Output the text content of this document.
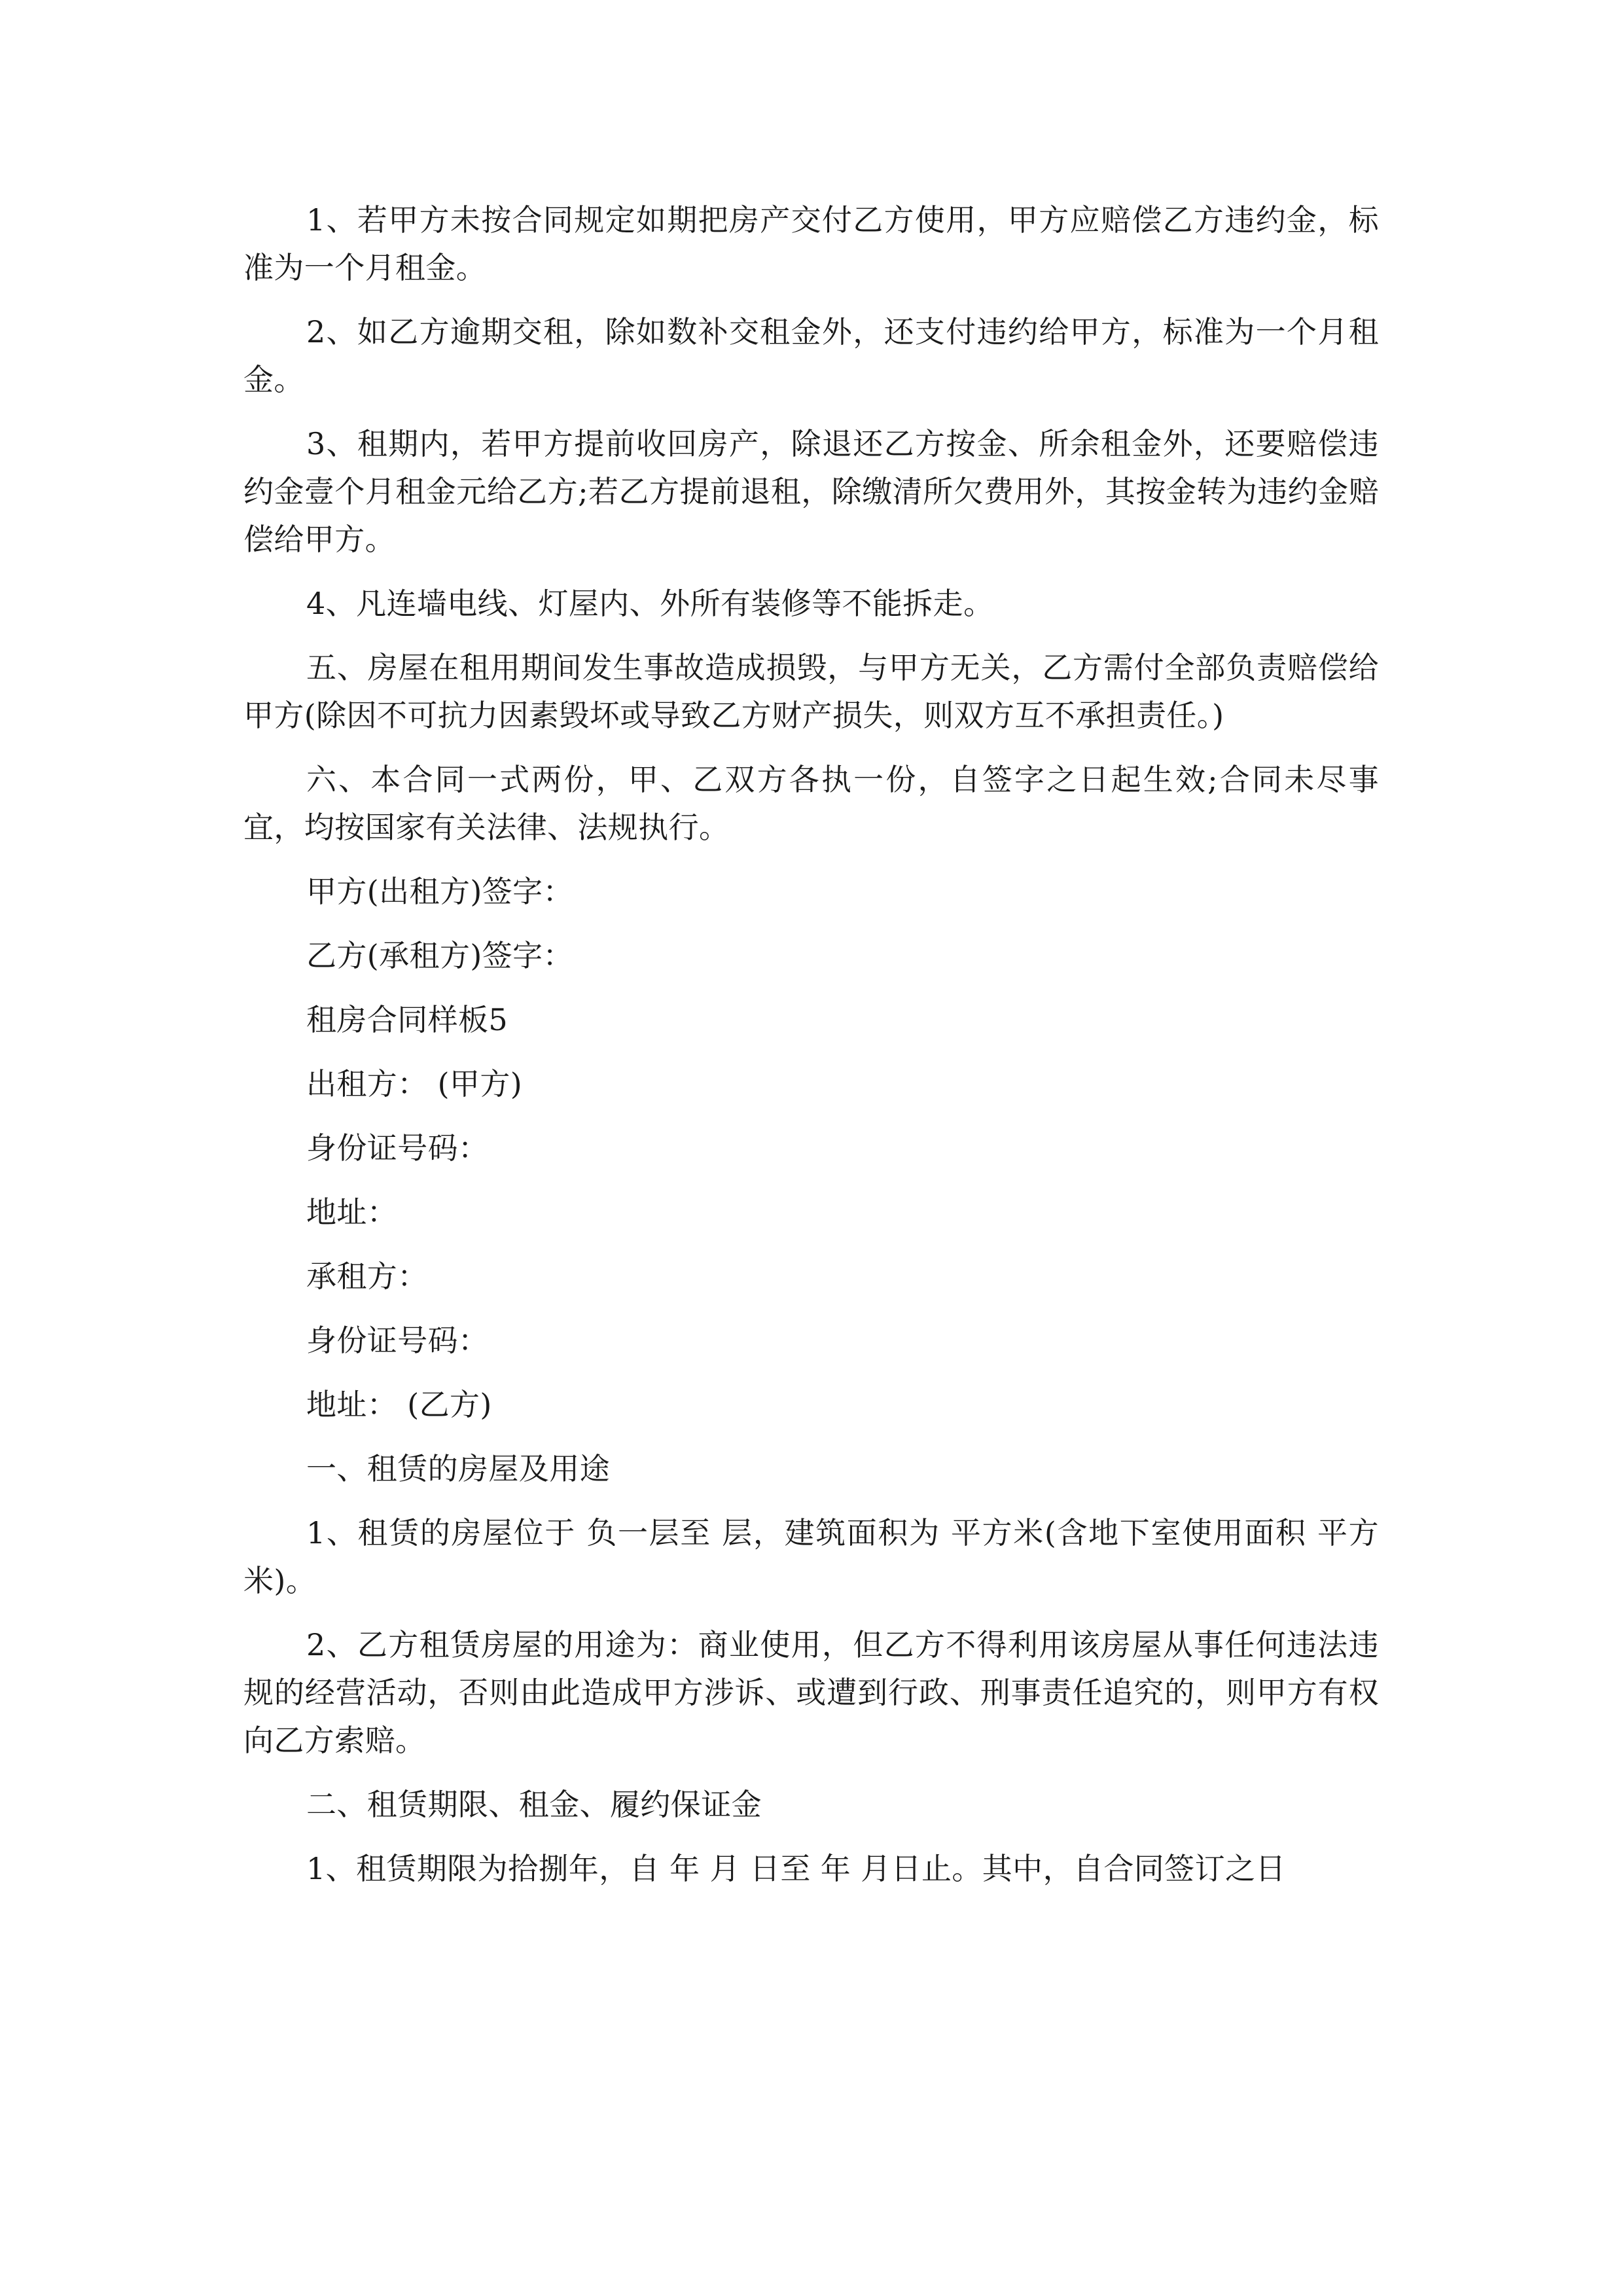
1、若甲方未按合同规定如期把房产交付乙方使用，甲方应赔偿乙方违约金，标准为一个月租金。

2、如乙方逾期交租，除如数补交租金外，还支付违约给甲方，标准为一个月租金。

3、租期内，若甲方提前收回房产，除退还乙方按金、所余租金外，还要赔偿违约金壹个月租金元给乙方;若乙方提前退租，除缴清所欠费用外，其按金转为违约金赔偿给甲方。

4、凡连墙电线、灯屋内、外所有装修等不能拆走。

五、房屋在租用期间发生事故造成损毁，与甲方无关，乙方需付全部负责赔偿给甲方(除因不可抗力因素毁坏或导致乙方财产损失，则双方互不承担责任。)

六、本合同一式两份，甲、乙双方各执一份，自签字之日起生效;合同未尽事宜，均按国家有关法律、法规执行。

甲方(出租方)签字：

乙方(承租方)签字：

租房合同样板5

出租方： (甲方)

身份证号码：

地址：

承租方：

身份证号码：

地址： (乙方)

一、租赁的房屋及用途

1、租赁的房屋位于 负一层至 层，建筑面积为 平方米(含地下室使用面积 平方米)。

2、乙方租赁房屋的用途为：商业使用，但乙方不得利用该房屋从事任何违法违规的经营活动，否则由此造成甲方涉诉、或遭到行政、刑事责任追究的，则甲方有权向乙方索赔。

二、租赁期限、租金、履约保证金

1、租赁期限为拾捌年，自 年 月 日至 年 月日止。其中，自合同签订之日
